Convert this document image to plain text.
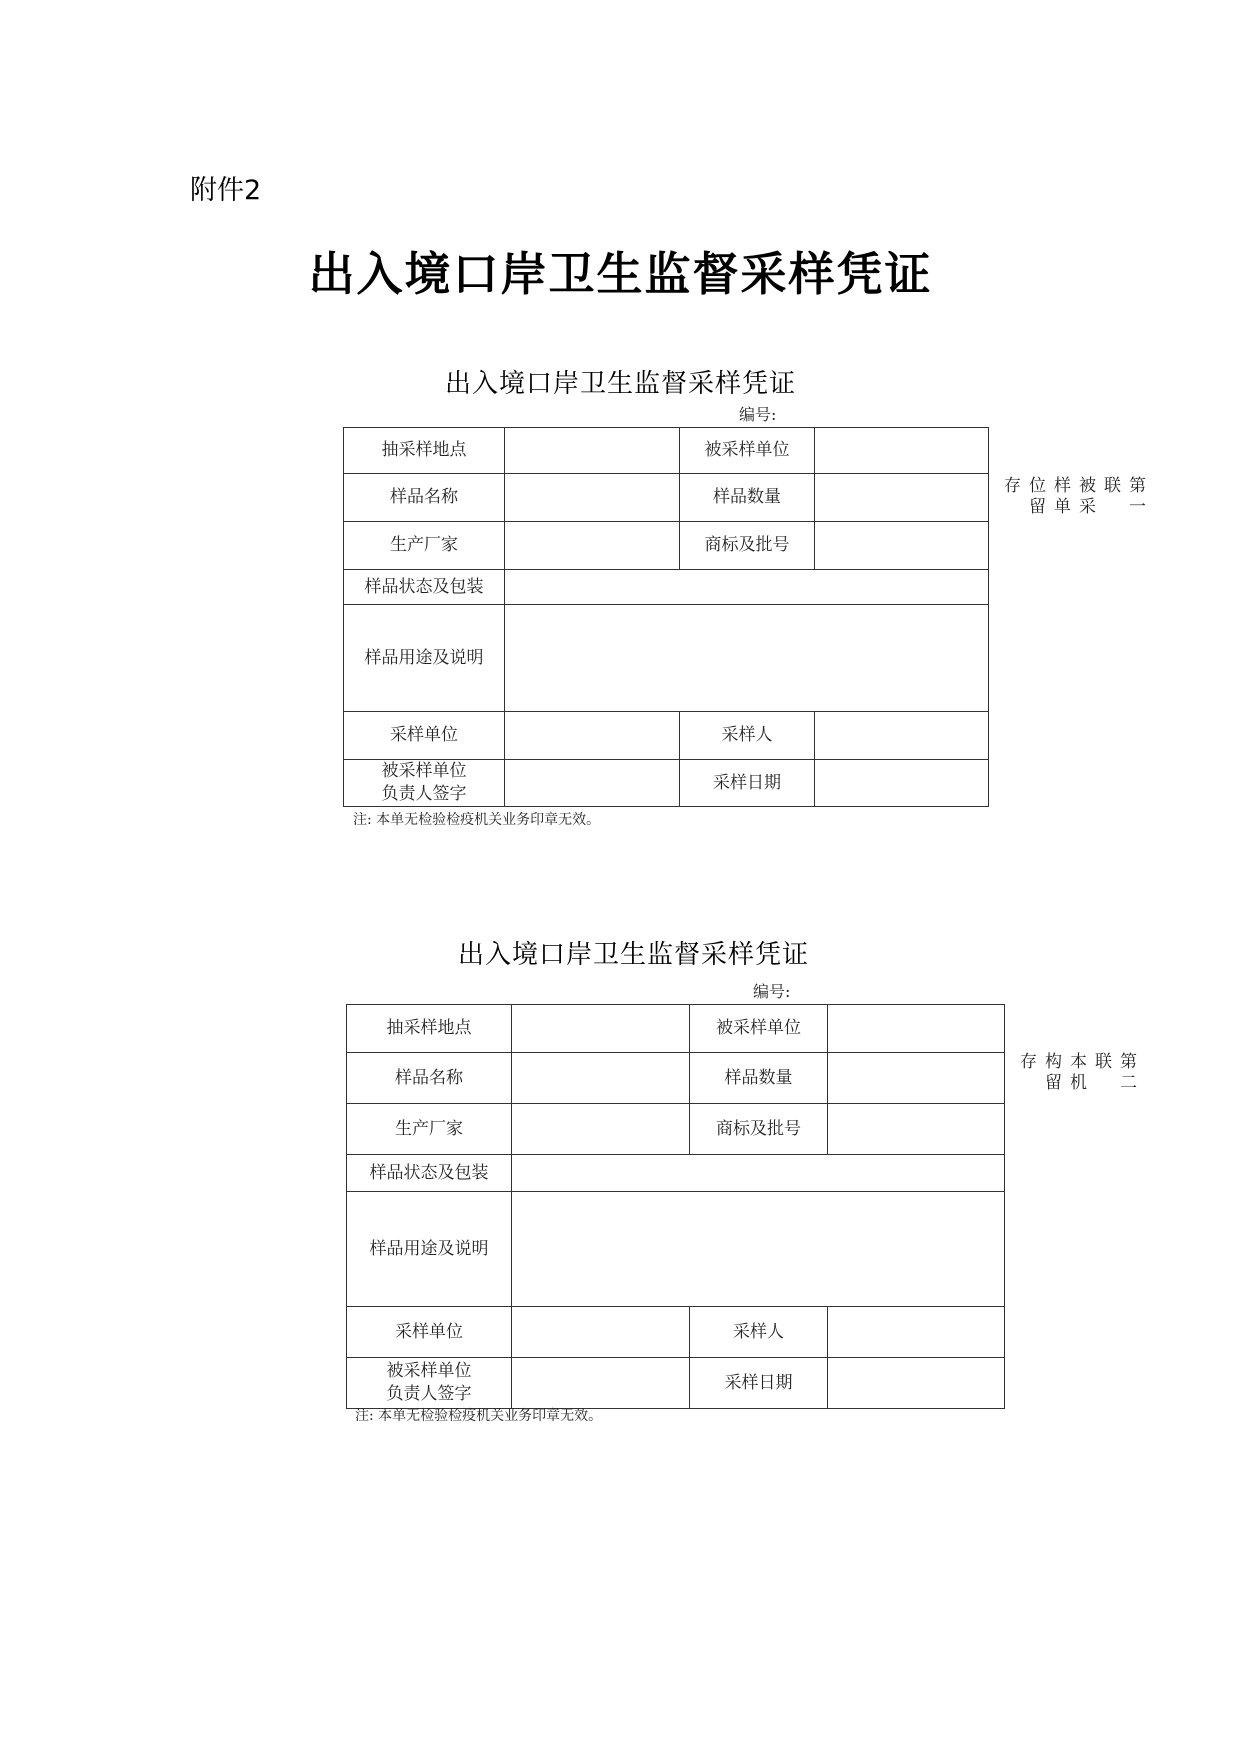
附件2
出入境口岸卫生监督采样凭证
出入境口岸卫生监督采样凭证
编号:
抽采样地点		被采样单位	
样品名称		样品数量	
生产厂家		商标及批号	
样品状态及包装			
样品用途及说明			
采样单位		采样人	

被采样单位
负责人签字		采样日期	
注: 本单无检验检疫机关业务印章无效。
第一联　被采样单位留存
出入境口岸卫生监督采样凭证
编号:
抽采样地点		被采样单位	
样品名称		样品数量	
生产厂家		商标及批号	
样品状态及包装			
样品用途及说明			
采样单位		采样人	

被采样单位
负责人签字		采样日期	
注: 本单无检验检疫机关业务印章无效。
第二联　本机构留存
